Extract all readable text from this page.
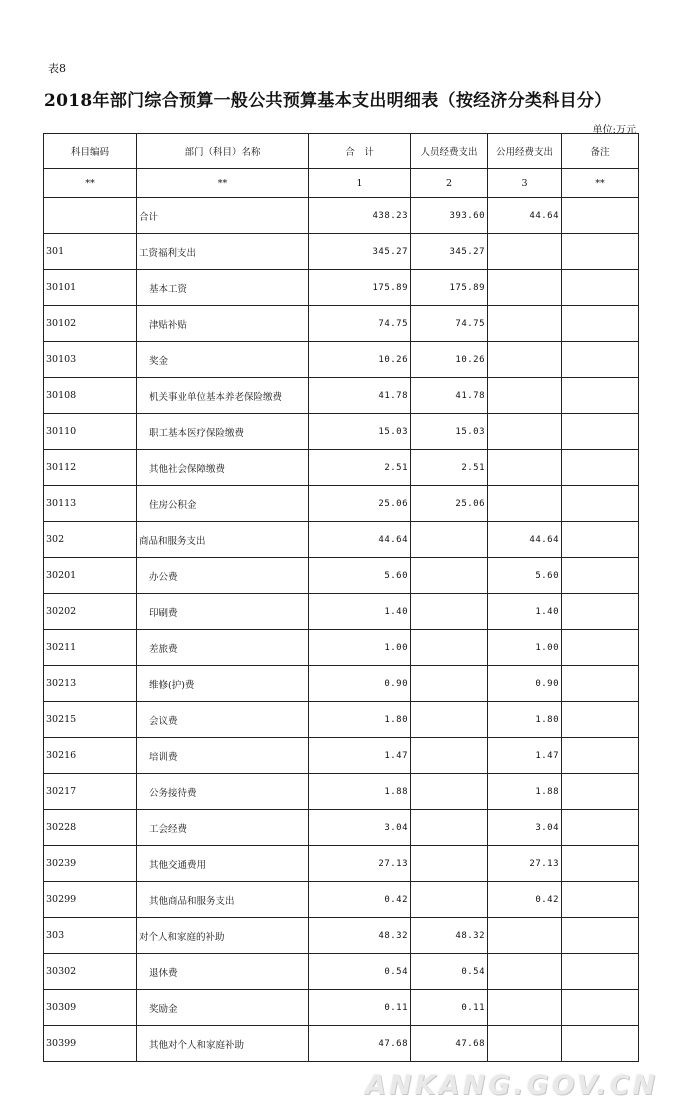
表8
2018年部门综合预算一般公共预算基本支出明细表（按经济分类科目分）
单位:万元
科目编码	部门（科目）名称	合　计	人员经费支出	公用经费支出	备注
**	**	1	2	3	**
	合计	438.23	393.60	44.64	
301	工资福利支出	345.27	345.27		
30101	基本工资	175.89	175.89		
30102	津贴补贴	74.75	74.75		
30103	奖金	10.26	10.26		
30108	机关事业单位基本养老保险缴费	41.78	41.78		
30110	职工基本医疗保险缴费	15.03	15.03		
30112	其他社会保障缴费	2.51	2.51		
30113	住房公积金	25.06	25.06		
302	商品和服务支出	44.64		44.64	
30201	办公费	5.60		5.60	
30202	印刷费	1.40		1.40	
30211	差旅费	1.00		1.00	
30213	维修(护)费	0.90		0.90	
30215	会议费	1.80		1.80	
30216	培训费	1.47		1.47	
30217	公务接待费	1.88		1.88	
30228	工会经费	3.04		3.04	
30239	其他交通费用	27.13		27.13	
30299	其他商品和服务支出	0.42		0.42	
303	对个人和家庭的补助	48.32	48.32		
30302	退休费	0.54	0.54		
30309	奖励金	0.11	0.11		
30399	其他对个人和家庭补助	47.68	47.68		
ANKANG.GOV.CN
